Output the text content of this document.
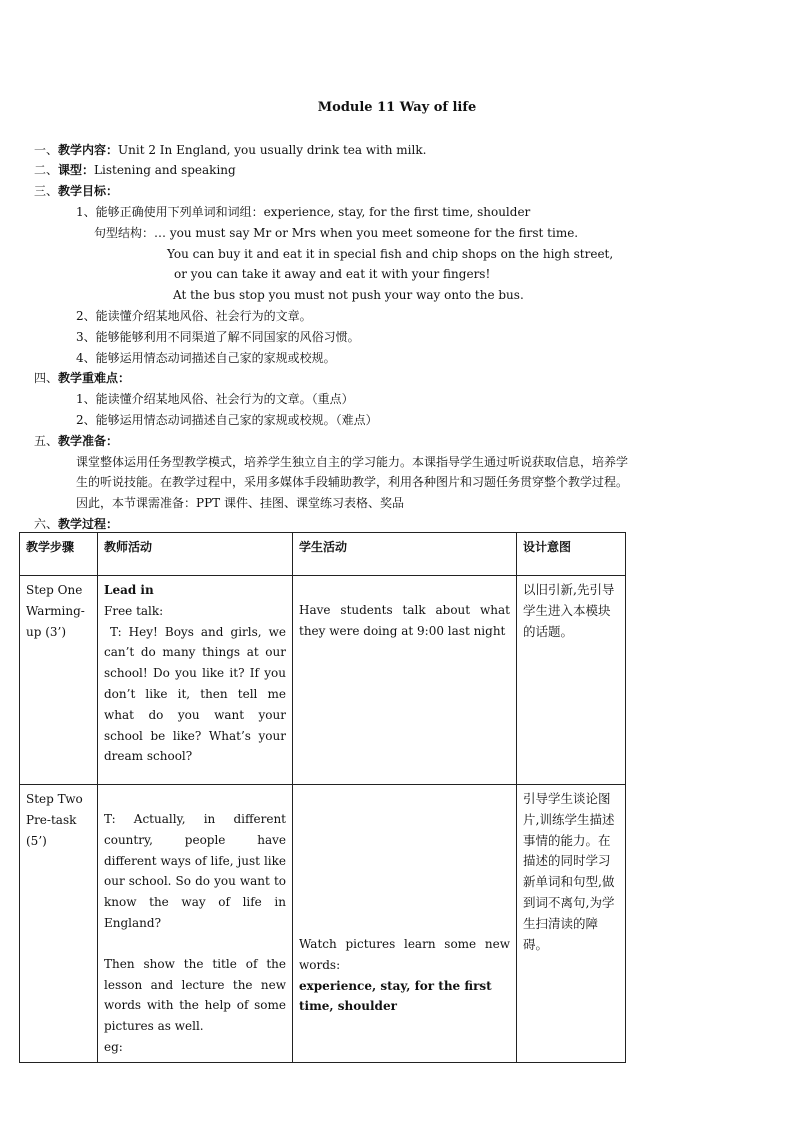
Module 11 Way of life
一、教学内容：Unit 2 In England, you usually drink tea with milk.
二、课型：Listening and speaking
三、教学目标：
1、能够正确使用下列单词和词组：experience, stay, for the first time, shoulder
句型结构：… you must say Mr or Mrs when you meet someone for the first time.
You can buy it and eat it in special fish and chip shops on the high street,
or you can take it away and eat it with your fingers!
At the bus stop you must not push your way onto the bus.
2、能读懂介绍某地风俗、社会行为的文章。
3、能够能够利用不同渠道了解不同国家的风俗习惯。
4、能够运用情态动词描述自己家的家规或校规。
四、教学重难点：
1、能读懂介绍某地风俗、社会行为的文章。（重点）
2、能够运用情态动词描述自己家的家规或校规。（难点）
五、教学准备：
课堂整体运用任务型教学模式，培养学生独立自主的学习能力。本课指导学生通过听说获取信息，培养学
生的听说技能。在教学过程中，采用多媒体手段辅助教学，利用各种图片和习题任务贯穿整个教学过程。
因此，本节课需准备：PPT 课件、挂图、课堂练习表格、奖品
六、教学过程：
教学步骤	教师活动	学生活动	设计意图
Step One Warming-up (3’)	Lead in
Free talk:
T: Hey! Boys and girls, we can’t do many things at our school! Do you like it? If you don’t like it, then tell me what do you want your school be like? What’s your dream school?	Have students talk about what they were doing at 9:00 last night	以旧引新,先引导学生进入本模块的话题。
Step Two Pre-task (5’)	T: Actually, in different country, people have different ways of life, just like our school. So do you want to know the way of life in England?
Then show the title of the lesson and lecture the new words with the help of some pictures as well.
eg:	Watch pictures learn some new words:
experience, stay, for the first time, shoulder	引导学生谈论图片,训练学生描述事情的能力。在描述的同时学习新单词和句型,做到词不离句,为学生扫清读的障碍。
